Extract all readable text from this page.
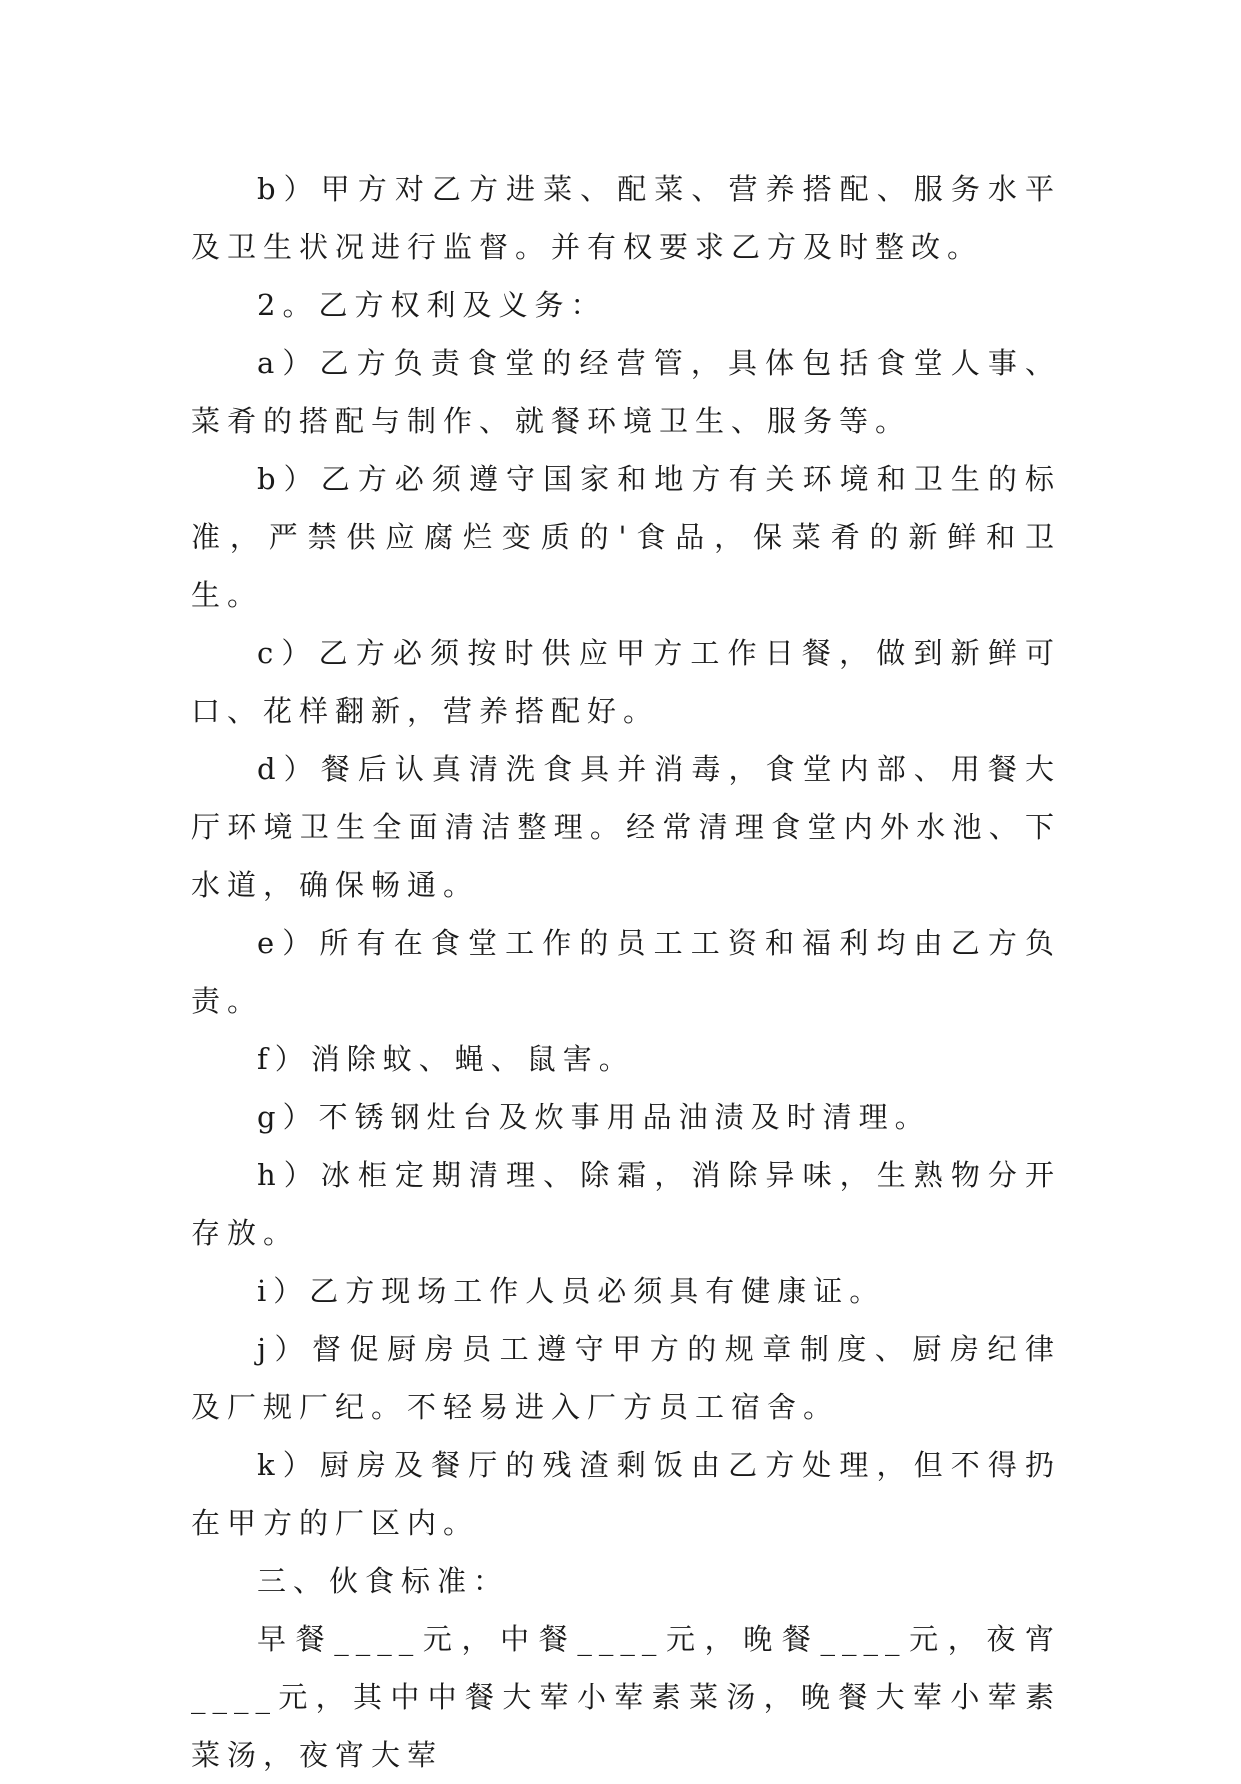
b）甲方对乙方进菜、配菜、营养搭配、服务水平及卫生状况进行监督。并有权要求乙方及时整改。

2。乙方权利及义务：

a）乙方负责食堂的经营管，具体包括食堂人事、菜肴的搭配与制作、就餐环境卫生、服务等。

b）乙方必须遵守国家和地方有关环境和卫生的标准，严禁供应腐烂变质的'食品，保菜肴的新鲜和卫生。

c）乙方必须按时供应甲方工作日餐，做到新鲜可口、花样翻新，营养搭配好。

d）餐后认真清洗食具并消毒，食堂内部、用餐大厅环境卫生全面清洁整理。经常清理食堂内外水池、下水道，确保畅通。

e）所有在食堂工作的员工工资和福利均由乙方负责。

f）消除蚊、蝇、鼠害。

g）不锈钢灶台及炊事用品油渍及时清理。

h）冰柜定期清理、除霜，消除异味，生熟物分开存放。

i）乙方现场工作人员必须具有健康证。

j）督促厨房员工遵守甲方的规章制度、厨房纪律及厂规厂纪。不轻易进入厂方员工宿舍。

k）厨房及餐厅的残渣剩饭由乙方处理，但不得扔在甲方的厂区内。

三、伙食标准：

早餐____元，中餐____元，晚餐____元，夜宵____元，其中中餐大荤小荤素菜汤，晚餐大荤小荤素菜汤，夜宵大荤
